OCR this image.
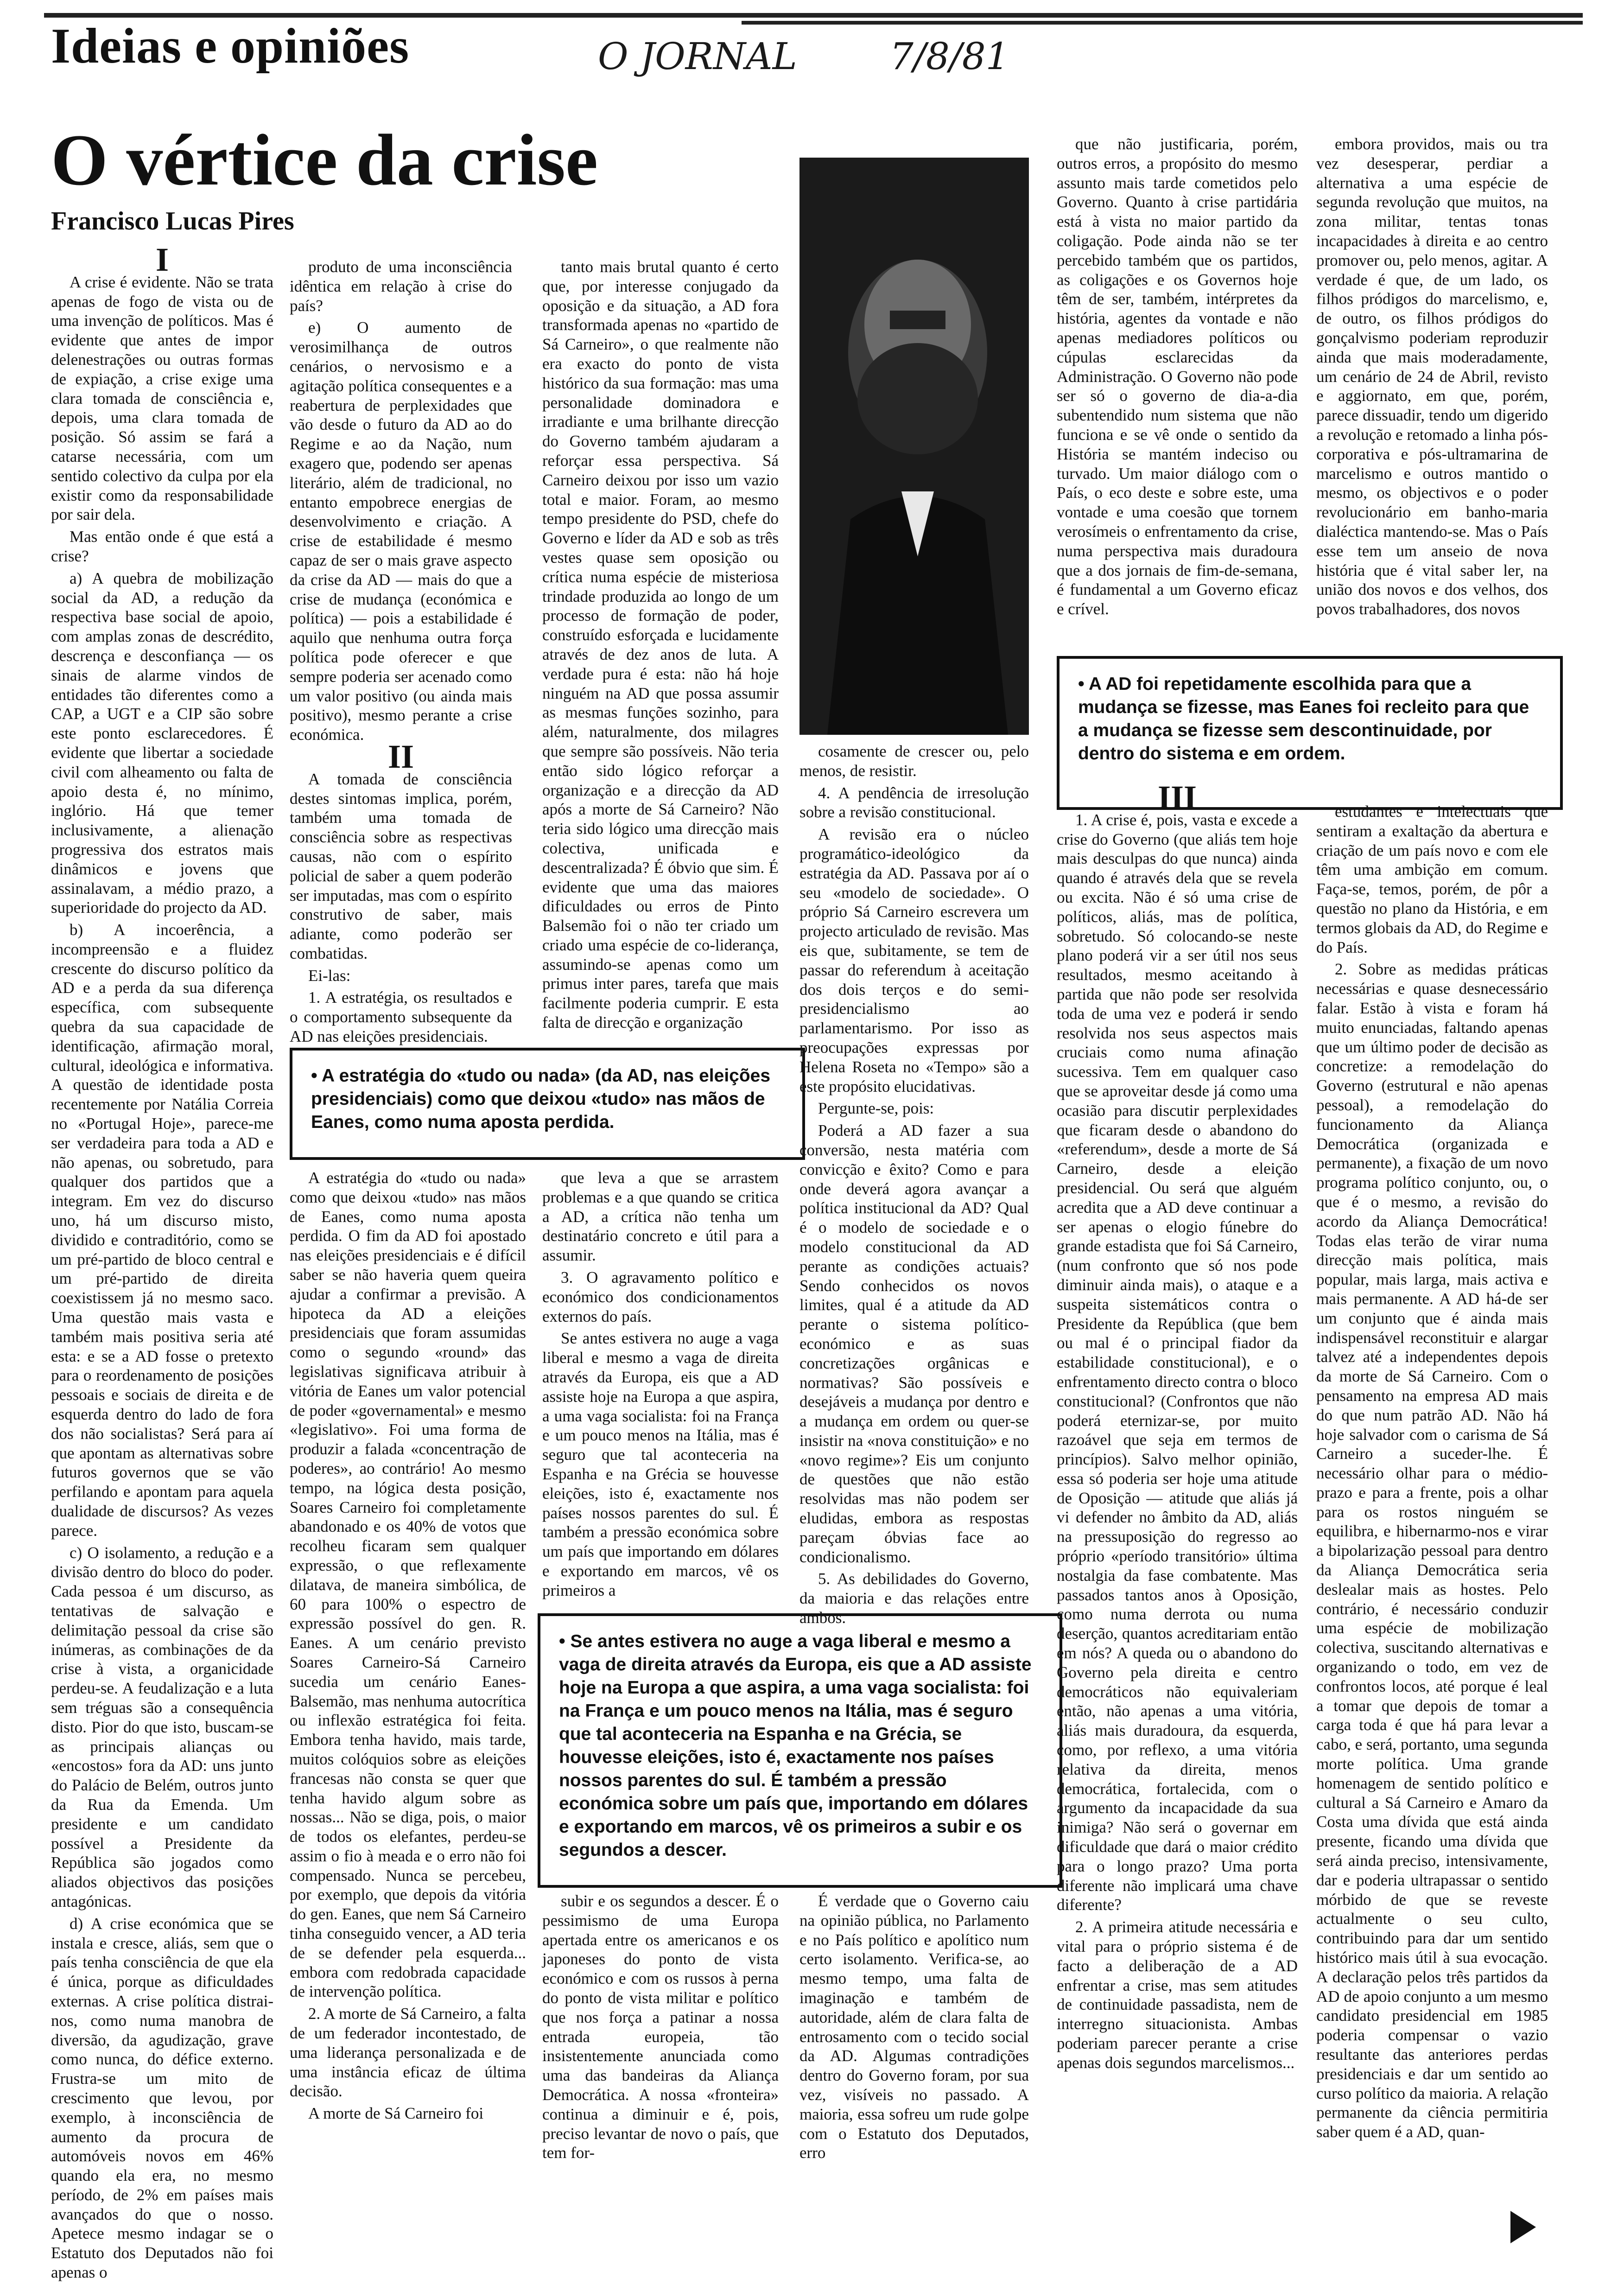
Ideias e opiniões	O JORNAL	7/8/81
O vértice da crise
Francisco Lucas Pires

I

A crise é evidente. Não se trata apenas de fogo de vista ou de uma invenção de políticos. Mas é evidente que antes de impor delenestrações ou outras formas de expiação, a crise exige uma clara tomada de consciência e, depois, uma clara tomada de posição. Só assim se fará a catarse necessária, com um sentido colectivo da culpa por ela existir como da responsabilidade por sair dela.

Mas então onde é que está a crise?

a) A quebra de mobilização social da AD, a redução da respectiva base social de apoio, com amplas zonas de descrédito, descrença e desconfiança — os sinais de alarme vindos de entidades tão diferentes como a CAP, a UGT e a CIP são sobre este ponto esclarecedores. É evidente que libertar a sociedade civil com alheamento ou falta de apoio desta é, no mínimo, inglório. Há que temer inclusivamente, a alienação progressiva dos estratos mais dinâmicos e jovens que assinalavam, a médio prazo, a superioridade do projecto da AD.

b) A incoerência, a incompreensão e a fluidez crescente do discurso político da AD e a perda da sua diferença específica, com subsequente quebra da sua capacidade de identificação, afirmação moral, cultural, ideológica e informativa. A questão de identidade posta recentemente por Natália Correia no «Portugal Hoje», parece-me ser verdadeira para toda a AD e não apenas, ou sobretudo, para qualquer dos partidos que a integram. Em vez do discurso uno, há um discurso misto, dividido e contraditório, como se um pré-partido de bloco central e um pré-partido de direita coexistissem já no mesmo saco. Uma questão mais vasta e também mais positiva seria até esta: e se a AD fosse o pretexto para o reordenamento de posições pessoais e sociais de direita e de esquerda dentro do lado de fora dos não socialistas? Será para aí que apontam as alternativas sobre futuros governos que se vão perfilando e apontam para aquela dualidade de discursos? As vezes parece.

c) O isolamento, a redução e a divisão dentro do bloco do poder. Cada pessoa é um discurso, as tentativas de salvação e delimitação pessoal da crise são inúmeras, as combinações de da crise à vista, a organicidade perdeu-se. A feudalização e a luta sem tréguas são a consequência disto. Pior do que isto, buscam-se as principais alianças ou «encostos» fora da AD: uns junto do Palácio de Belém, outros junto da Rua da Emenda. Um presidente e um candidato possível a Presidente da República são jogados como aliados objectivos das posições antagónicas.

d) A crise económica que se instala e cresce, aliás, sem que o país tenha consciência de que ela é única, porque as dificuldades externas. A crise política distrai-nos, como numa manobra de diversão, da agudização, grave como nunca, do défice externo. Frustra-se um mito de crescimento que levou, por exemplo, à inconsciência de aumento da procura de automóveis novos em 46% quando ela era, no mesmo período, de 2% em países mais avançados do que o nosso. Apetece mesmo indagar se o Estatuto dos Deputados não foi apenas o

produto de uma inconsciência idêntica em relação à crise do país?

e) O aumento de verosimilhança de outros cenários, o nervosismo e a agitação política consequentes e a reabertura de perplexidades que vão desde o futuro da AD ao do Regime e ao da Nação, num exagero que, podendo ser apenas literário, além de tradicional, no entanto empobrece energias de desenvolvimento e criação. A crise de estabilidade é mesmo capaz de ser o mais grave aspecto da crise da AD — mais do que a crise de mudança (económica e política) — pois a estabilidade é aquilo que nenhuma outra força política pode oferecer e que sempre poderia ser acenado como um valor positivo (ou ainda mais positivo), mesmo perante a crise económica.

II

A tomada de consciência destes sintomas implica, porém, também uma tomada de consciência sobre as respectivas causas, não com o espírito policial de saber a quem poderão ser imputadas, mas com o espírito construtivo de saber, mais adiante, como poderão ser combatidas.

Ei-las:

1. A estratégia, os resultados e o comportamento subsequente da AD nas eleições presidenciais.

tanto mais brutal quanto é certo que, por interesse conjugado da oposição e da situação, a AD fora transformada apenas no «partido de Sá Carneiro», o que realmente não era exacto do ponto de vista histórico da sua formação: mas uma personalidade dominadora e irradiante e uma brilhante direcção do Governo também ajudaram a reforçar essa perspectiva. Sá Carneiro deixou por isso um vazio total e maior. Foram, ao mesmo tempo presidente do PSD, chefe do Governo e líder da AD e sob as três vestes quase sem oposição ou crítica numa espécie de misteriosa trindade produzida ao longo de um processo de formação de poder, construído esforçada e lucidamente através de dez anos de luta. A verdade pura é esta: não há hoje ninguém na AD que possa assumir as mesmas funções sozinho, para além, naturalmente, dos milagres que sempre são possíveis. Não teria então sido lógico reforçar a organização e a direcção da AD após a morte de Sá Carneiro? Não teria sido lógico uma direcção mais colectiva, unificada e descentralizada? É óbvio que sim. É evidente que uma das maiores dificuldades ou erros de Pinto Balsemão foi o não ter criado um criado uma espécie de co-liderança, assumindo-se apenas como um primus inter pares, tarefa que mais facilmente poderia cumprir. E esta falta de direcção e organização

cosamente de crescer ou, pelo menos, de resistir.

4. A pendência de irresolução sobre a revisão constitucional.

A revisão era o núcleo programático-ideológico da estratégia da AD. Passava por aí o seu «modelo de sociedade». O próprio Sá Carneiro escrevera um projecto articulado de revisão. Mas eis que, subitamente, se tem de passar do referendum à aceitação dos dois terços e do semi-presidencialismo ao parlamentarismo. Por isso as preocupações expressas por Helena Roseta no «Tempo» são a este propósito elucidativas.

Pergunte-se, pois:

Poderá a AD fazer a sua conversão, nesta matéria com convicção e êxito? Como e para onde deverá agora avançar a política institucional da AD? Qual é o modelo de sociedade e o modelo constitucional da AD perante as condições actuais? Sendo conhecidos os novos limites, qual é a atitude da AD perante o sistema político-económico e as suas concretizações orgânicas e normativas? São possíveis e desejáveis a mudança por dentro e a mudança em ordem ou quer-se insistir na «nova constituição» e no «novo regime»? Eis um conjunto de questões que não estão resolvidas mas não podem ser eludidas, embora as respostas pareçam óbvias face ao condicionalismo.

5. As debilidades do Governo, da maioria e das relações entre ambos.

que não justificaria, porém, outros erros, a propósito do mesmo assunto mais tarde cometidos pelo Governo. Quanto à crise partidária está à vista no maior partido da coligação. Pode ainda não se ter percebido também que os partidos, as coligações e os Governos hoje têm de ser, também, intérpretes da história, agentes da vontade e não apenas mediadores políticos ou cúpulas esclarecidas da Administração. O Governo não pode ser só o governo de dia-a-dia subentendido num sistema que não funciona e se vê onde o sentido da História se mantém indeciso ou turvado. Um maior diálogo com o País, o eco deste e sobre este, uma vontade e uma coesão que tornem verosímeis o enfrentamento da crise, numa perspectiva mais duradoura que a dos jornais de fim-de-semana, é fundamental a um Governo eficaz e crível.

embora providos, mais ou tra vez desesperar, perdiar a alternativa a uma espécie de segunda revolução que muitos, na zona militar, tentas tonas incapacidades à direita e ao centro promover ou, pelo menos, agitar. A verdade é que, de um lado, os filhos pródigos do marcelismo, e, de outro, os filhos pródigos do gonçalvismo poderiam reproduzir ainda que mais moderadamente, um cenário de 24 de Abril, revisto e aggiornato, em que, porém, parece dissuadir, tendo um digerido a revolução e retomado a linha pós-corporativa e pós-ultramarina de marcelismo e outros mantido o mesmo, os objectivos e o poder revolucionário em banho-maria dialéctica mantendo-se. Mas o País esse tem um anseio de nova história que é vital saber ler, na união dos novos e dos velhos, dos povos trabalhadores, dos novos

• A estratégia do «tudo ou nada» (da AD, nas eleições presidenciais) como que deixou «tudo» nas mãos de Eanes, como numa aposta perdida.
• A AD foi repetidamente escolhida para que a mudança se fizesse, mas Eanes foi recleito para que a mudança se fizesse sem descontinuidade, por dentro do sistema e em ordem.

A estratégia do «tudo ou nada» como que deixou «tudo» nas mãos de Eanes, como numa aposta perdida. O fim da AD foi apostado nas eleições presidenciais e é difícil saber se não haveria quem queira ajudar a confirmar a previsão. A hipoteca da AD a eleições presidenciais que foram assumidas como o segundo «round» das legislativas significava atribuir à vitória de Eanes um valor potencial de poder «governamental» e mesmo «legislativo». Foi uma forma de produzir a falada «concentração de poderes», ao contrário! Ao mesmo tempo, na lógica desta posição, Soares Carneiro foi completamente abandonado e os 40% de votos que recolheu ficaram sem qualquer expressão, o que reflexamente dilatava, de maneira simbólica, de 60 para 100% o espectro de expressão possível do gen. R. Eanes. A um cenário previsto Soares Carneiro-Sá Carneiro sucedia um cenário Eanes-Balsemão, mas nenhuma autocrítica ou inflexão estratégica foi feita. Embora tenha havido, mais tarde, muitos colóquios sobre as eleições francesas não consta se quer que tenha havido algum sobre as nossas... Não se diga, pois, o maior de todos os elefantes, perdeu-se assim o fio à meada e o erro não foi compensado. Nunca se percebeu, por exemplo, que depois da vitória do gen. Eanes, que nem Sá Carneiro tinha conseguido vencer, a AD teria de se defender pela esquerda... embora com redobrada capacidade de intervenção política.

2. A morte de Sá Carneiro, a falta de um federador incontestado, de uma liderança personalizada e de uma instância eficaz de última decisão.

A morte de Sá Carneiro foi

que leva a que se arrastem problemas e a que quando se critica a AD, a crítica não tenha um destinatário concreto e útil para a assumir.

3. O agravamento político e económico dos condicionamentos externos do país.

Se antes estivera no auge a vaga liberal e mesmo a vaga de direita através da Europa, eis que a AD assiste hoje na Europa a que aspira, a uma vaga socialista: foi na França e um pouco menos na Itália, mas é seguro que tal aconteceria na Espanha e na Grécia se houvesse eleições, isto é, exactamente nos países nossos parentes do sul. É também a pressão económica sobre um país que importando em dólares e exportando em marcos, vê os primeiros a

• Se antes estivera no auge a vaga liberal e mesmo a vaga de direita através da Europa, eis que a AD assiste hoje na Europa a que aspira, a uma vaga socialista: foi na França e um pouco menos na Itália, mas é seguro que tal aconteceria na Espanha e na Grécia, se houvesse eleições, isto é, exactamente nos países nossos parentes do sul. É também a pressão económica sobre um país que, importando em dólares e exportando em marcos, vê os primeiros a subir e os segundos a descer.

subir e os segundos a descer. É o pessimismo de uma Europa apertada entre os americanos e os japoneses do ponto de vista económico e com os russos à perna do ponto de vista militar e político que nos força a patinar a nossa entrada europeia, tão insistentemente anunciada como uma das bandeiras da Aliança Democrática. A nossa «fronteira» continua a diminuir e é, pois, preciso levantar de novo o país, que tem for-

É verdade que o Governo caiu na opinião pública, no Parlamento e no País político e apolítico num certo isolamento. Verifica-se, ao mesmo tempo, uma falta de imaginação e também de autoridade, além de clara falta de entrosamento com o tecido social da AD. Algumas contradições dentro do Governo foram, por sua vez, visíveis no passado. A maioria, essa sofreu um rude golpe com o Estatuto dos Deputados, erro

III

1. A crise é, pois, vasta e excede a crise do Governo (que aliás tem hoje mais desculpas do que nunca) ainda quando é através dela que se revela ou excita. Não é só uma crise de políticos, aliás, mas de política, sobretudo. Só colocando-se neste plano poderá vir a ser útil nos seus resultados, mesmo aceitando à partida que não pode ser resolvida toda de uma vez e poderá ir sendo resolvida nos seus aspectos mais cruciais como numa afinação sucessiva. Tem em qualquer caso que se aproveitar desde já como uma ocasião para discutir perplexidades que ficaram desde o abandono do «referendum», desde a morte de Sá Carneiro, desde a eleição presidencial. Ou será que alguém acredita que a AD deve continuar a ser apenas o elogio fúnebre do grande estadista que foi Sá Carneiro, (num confronto que só nos pode diminuir ainda mais), o ataque e a suspeita sistemáticos contra o Presidente da República (que bem ou mal é o principal fiador da estabilidade constitucional), e o enfrentamento directo contra o bloco constitucional? (Confrontos que não poderá eternizar-se, por muito razoável que seja em termos de princípios). Salvo melhor opinião, essa só poderia ser hoje uma atitude de Oposição — atitude que aliás já vi defender no âmbito da AD, aliás na pressuposição do regresso ao próprio «período transitório» última nostalgia da fase combatente. Mas passados tantos anos à Oposição, como numa derrota ou numa deserção, quantos acreditariam então em nós? A queda ou o abandono do Governo pela direita e centro democráticos não equivaleriam então, não apenas a uma vitória, aliás mais duradoura, da esquerda, como, por reflexo, a uma vitória relativa da direita, menos democrática, fortalecida, com o argumento da incapacidade da sua inimiga? Não será o governar em dificuldade que dará o maior crédito para o longo prazo? Uma porta diferente não implicará uma chave diferente?

2. A primeira atitude necessária e vital para o próprio sistema é de facto a deliberação de a AD enfrentar a crise, mas sem atitudes de continuidade passadista, nem de interregno situacionista. Ambas poderiam parecer perante a crise apenas dois segundos marcelismos...

estudantes e intelectuais que sentiram a exaltação da abertura e criação de um país novo e com ele têm uma ambição em comum. Faça-se, temos, porém, de pôr a questão no plano da História, e em termos globais da AD, do Regime e do País.

2. Sobre as medidas práticas necessárias e quase desnecessário falar. Estão à vista e foram há muito enunciadas, faltando apenas que um último poder de decisão as concretize: a remodelação do Governo (estrutural e não apenas pessoal), a remodelação do funcionamento da Aliança Democrática (organizada e permanente), a fixação de um novo programa político conjunto, ou, o que é o mesmo, a revisão do acordo da Aliança Democrática! Todas elas terão de virar numa direcção mais política, mais popular, mais larga, mais activa e mais permanente. A AD há-de ser um conjunto que é ainda mais indispensável reconstituir e alargar talvez até a independentes depois da morte de Sá Carneiro. Com o pensamento na empresa AD mais do que num patrão AD. Não há hoje salvador com o carisma de Sá Carneiro a suceder-lhe. É necessário olhar para o médio-prazo e para a frente, pois a olhar para os rostos ninguém se equilibra, e hibernarmo-nos e virar a bipolarização pessoal para dentro da Aliança Democrática seria deslealar mais as hostes. Pelo contrário, é necessário conduzir uma espécie de mobilização colectiva, suscitando alternativas e organizando o todo, em vez de confrontos locos, até porque é leal a tomar que depois de tomar a carga toda é que há para levar a cabo, e será, portanto, uma segunda morte política. Uma grande homenagem de sentido político e cultural a Sá Carneiro e Amaro da Costa uma dívida que está ainda presente, ficando uma dívida que será ainda preciso, intensivamente, dar e poderia ultrapassar o sentido mórbido de que se reveste actualmente o seu culto, contribuindo para dar um sentido histórico mais útil à sua evocação. A declaração pelos três partidos da AD de apoio conjunto a um mesmo candidato presidencial em 1985 poderia compensar o vazio resultante das anteriores perdas presidenciais e dar um sentido ao curso político da maioria. A relação permanente da ciência permitiria saber quem é a AD, quan-
